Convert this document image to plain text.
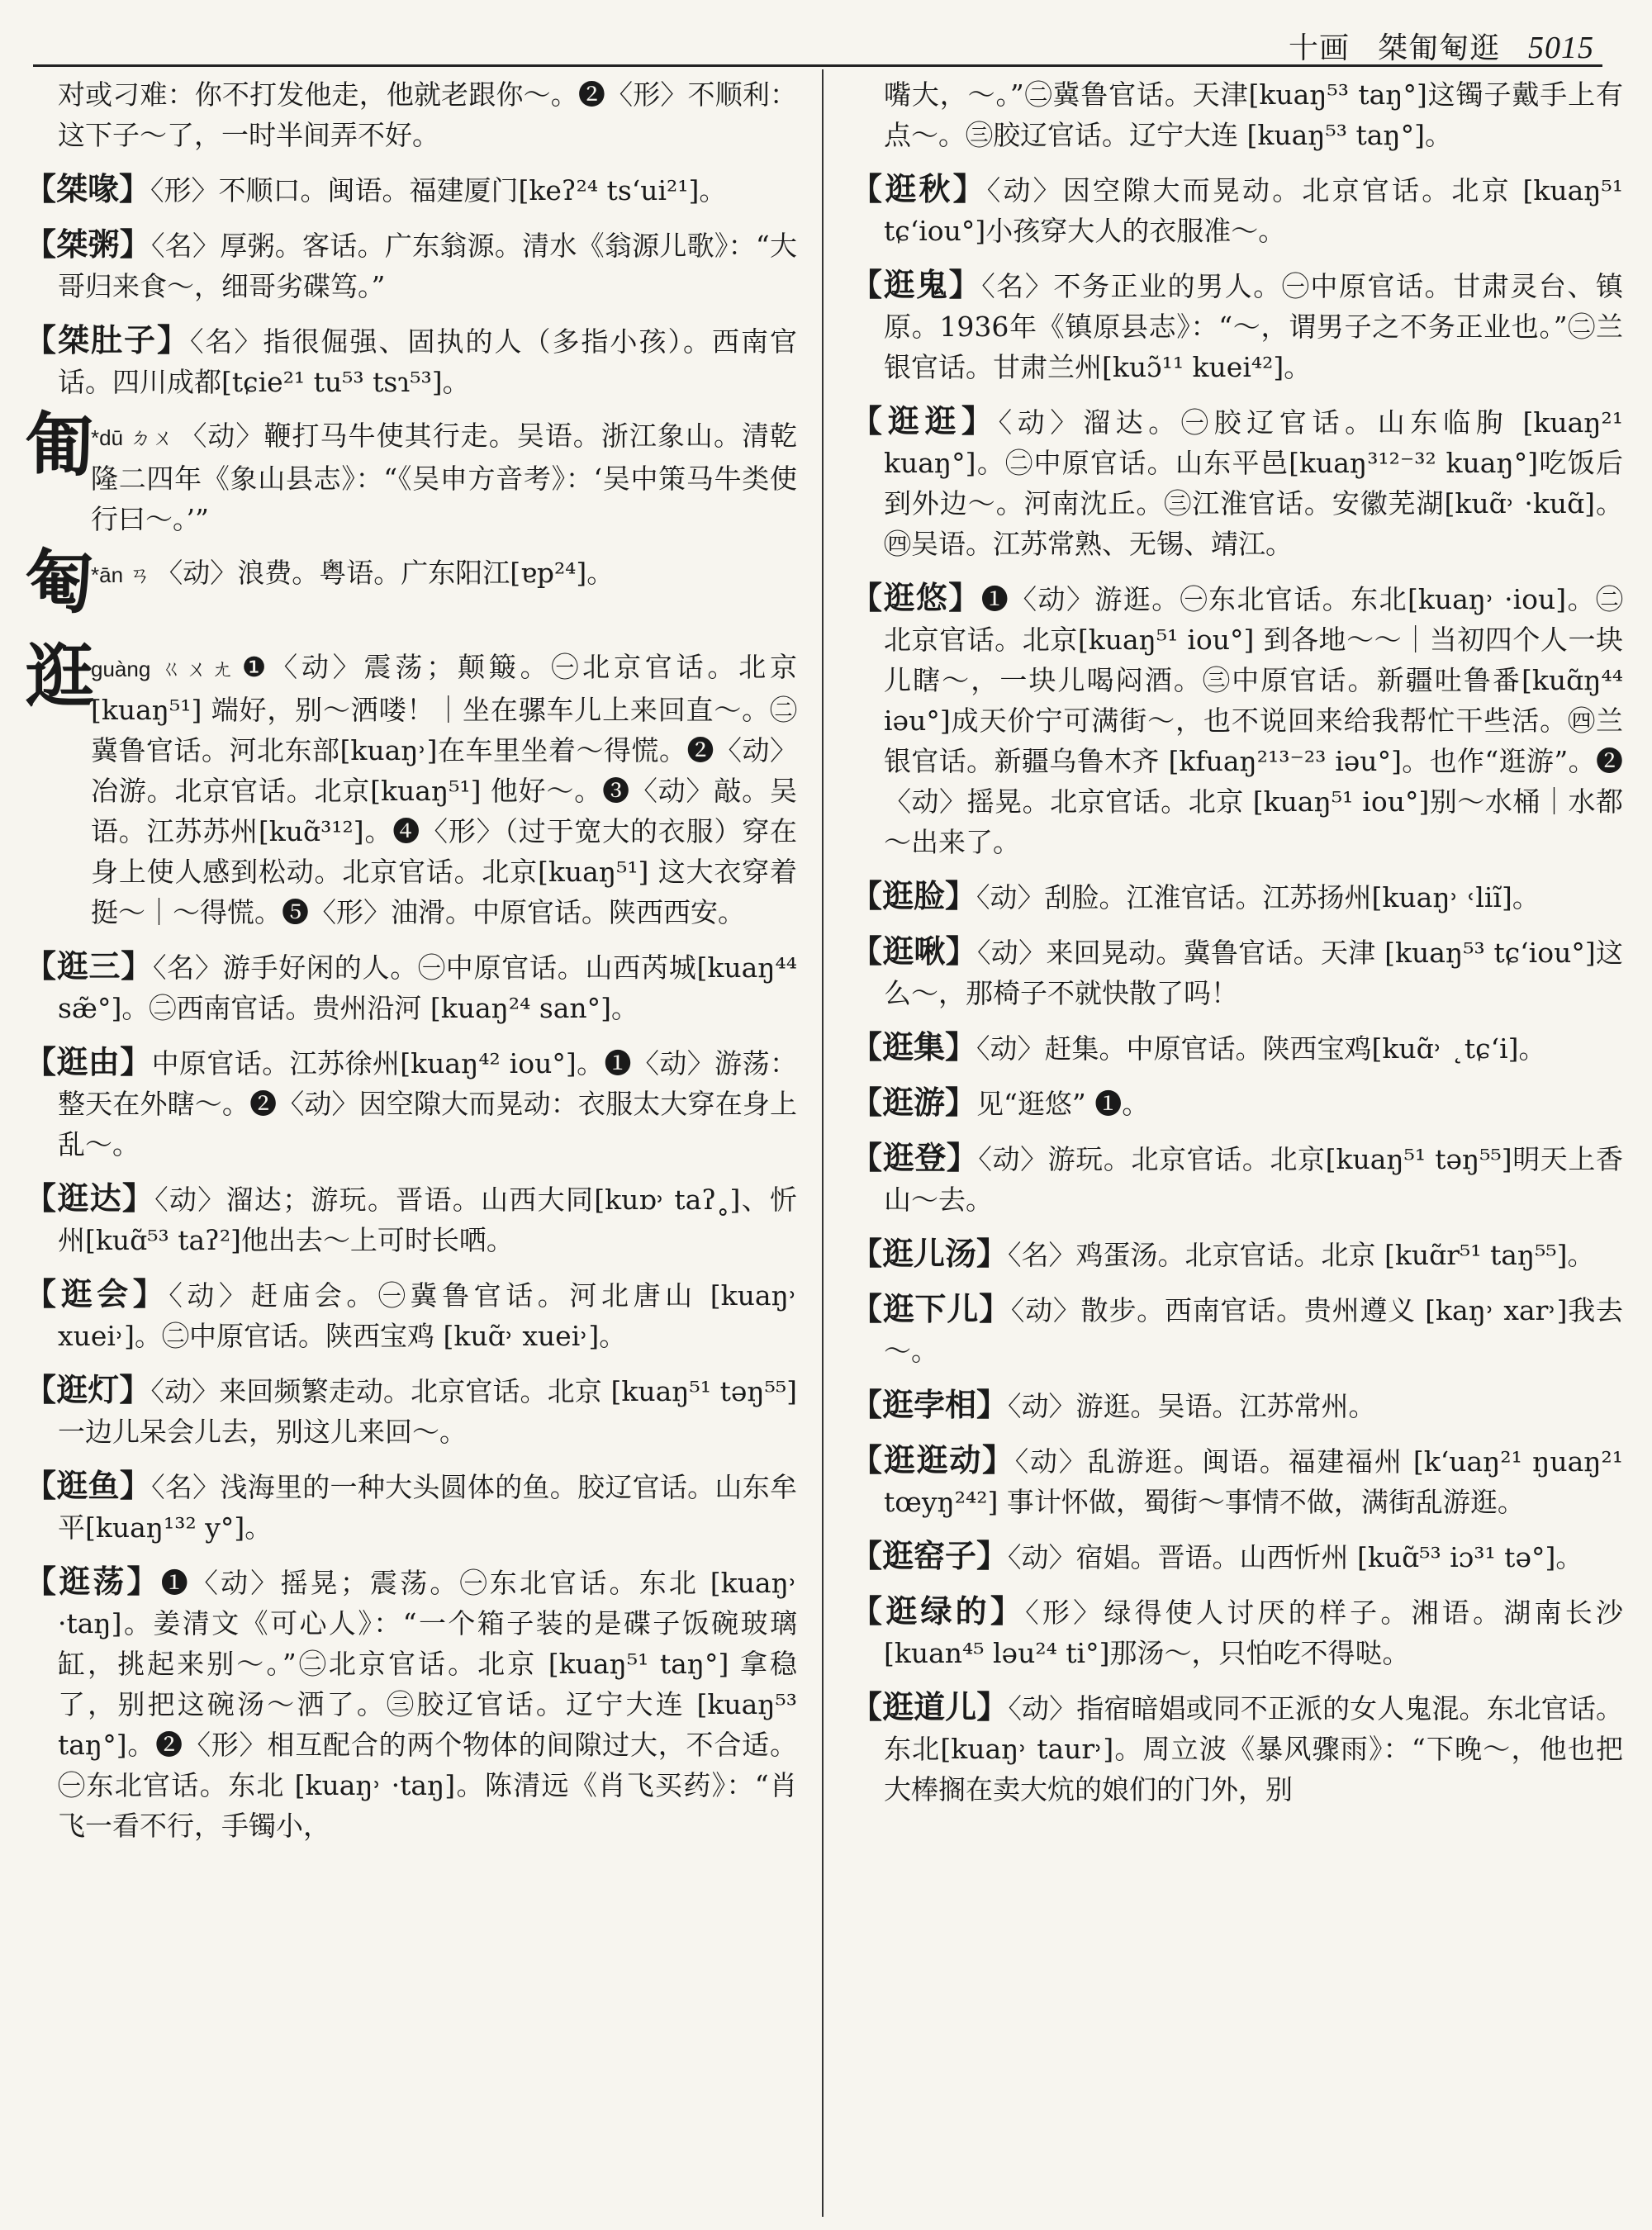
十画 桀匍匎逛 5015

对或刁难：你不打发他走，他就老跟你～。❷〈形〉不顺利：这下子～了，一时半间弄不好。

【桀喙】〈形〉不顺口。闽语。福建厦门[keʔ²⁴ tsʻui²¹]。

【桀粥】〈名〉厚粥。客话。广东翁源。清水《翁源儿歌》：“大哥归来食～，细哥劣碟笃。”

【桀肚子】〈名〉指很倔强、固执的人（多指小孩）。西南官话。四川成都[tɕie²¹ tu⁵³ tsɿ⁵³]。

匍
*dū ㄉㄨ 〈动〉鞭打马牛使其行走。吴语。浙江象山。清乾隆二四年《象山县志》：“《吴申方音考》：‘吴中策马牛类使行曰～。’”
匎
*ān ㄢ 〈动〉浪费。粤语。广东阳江[ɐp²⁴]。
逛
guàng ㄍㄨㄤ ❶〈动〉震荡；颠簸。㊀北京官话。北京[kuaŋ⁵¹] 端好，别～洒喽！｜坐在骡车儿上来回直～。㊁冀鲁官话。河北东部[kuaŋ˒]在车里坐着～得慌。❷〈动〉冶游。北京官话。北京[kuaŋ⁵¹] 他好～。❸〈动〉敲。吴语。江苏苏州[kuɑ̃³¹²]。❹〈形〉（过于宽大的衣服）穿在身上使人感到松动。北京官话。北京[kuaŋ⁵¹] 这大衣穿着挺～｜～得慌。❺〈形〉油滑。中原官话。陕西西安。

【逛三】〈名〉游手好闲的人。㊀中原官话。山西芮城[kuaŋ⁴⁴ sæ̃°]。㊁西南官话。贵州沿河 [kuaŋ²⁴ san°]。

【逛由】中原官话。江苏徐州[kuaŋ⁴² iou°]。❶〈动〉游荡：整天在外瞎～。❷〈动〉因空隙大而晃动：衣服太大穿在身上乱～。

【逛达】〈动〉溜达；游玩。晋语。山西大同[kuɒ˒ taʔ˳]、忻州[kuɑ̃⁵³ taʔ²]他出去～上可时长哂。

【逛会】〈动〉赶庙会。㊀冀鲁官话。河北唐山 [kuaŋ˒ xuei˒]。㊁中原官话。陕西宝鸡 [kuɑ̃˒ xuei˒]。

【逛灯】〈动〉来回频繁走动。北京官话。北京 [kuaŋ⁵¹ təŋ⁵⁵] 一边儿呆会儿去，别这儿来回～。

【逛鱼】〈名〉浅海里的一种大头圆体的鱼。胶辽官话。山东牟平[kuaŋ¹³² y°]。

【逛荡】❶〈动〉摇晃；震荡。㊀东北官话。东北 [kuaŋ˒ ·taŋ]。姜清文《可心人》：“一个箱子装的是碟子饭碗玻璃缸，挑起来别～。”㊁北京官话。北京 [kuaŋ⁵¹ taŋ°] 拿稳了，别把这碗汤～洒了。㊂胶辽官话。辽宁大连 [kuaŋ⁵³ taŋ°]。❷〈形〉相互配合的两个物体的间隙过大，不合适。㊀东北官话。东北 [kuaŋ˒ ·taŋ]。陈清远《肖飞买药》：“肖飞一看不行，手镯小，

嘴大，～。”㊁冀鲁官话。天津[kuaŋ⁵³ taŋ°]这镯子戴手上有点～。㊂胶辽官话。辽宁大连 [kuaŋ⁵³ taŋ°]。

【逛秋】〈动〉因空隙大而晃动。北京官话。北京 [kuaŋ⁵¹ tɕʻiou°]小孩穿大人的衣服准～。

【逛鬼】〈名〉不务正业的男人。㊀中原官话。甘肃灵台、镇原。1936年《镇原县志》：“～，谓男子之不务正业也。”㊁兰银官话。甘肃兰州[kuɔ̃¹¹ kuei⁴²]。

【逛逛】〈动〉溜达。㊀胶辽官话。山东临朐 [kuaŋ²¹ kuaŋ°]。㊁中原官话。山东平邑[kuaŋ³¹²⁻³² kuaŋ°]吃饭后到外边～。河南沈丘。㊂江淮官话。安徽芜湖[kuɑ̃˒ ·kuɑ̃]。㊃吴语。江苏常熟、无锡、靖江。

【逛悠】❶〈动〉游逛。㊀东北官话。东北[kuaŋ˒ ·iou]。㊁北京官话。北京[kuaŋ⁵¹ iou°] 到各地～～｜当初四个人一块儿瞎～，一块儿喝闷酒。㊂中原官话。新疆吐鲁番[kuɑ̃ŋ⁴⁴ iəu°]成天价宁可满街～，也不说回来给我帮忙干些活。㊃兰银官话。新疆乌鲁木齐 [kfuaŋ²¹³⁻²³ iəu°]。也作“逛游”。❷〈动〉摇晃。北京官话。北京 [kuaŋ⁵¹ iou°]别～水桶｜水都～出来了。

【逛脸】〈动〉刮脸。江淮官话。江苏扬州[kuaŋ˒ ˓liĩ]。

【逛啾】〈动〉来回晃动。冀鲁官话。天津 [kuaŋ⁵³ tɕʻiou°]这么～，那椅子不就快散了吗！

【逛集】〈动〉赶集。中原官话。陕西宝鸡[kuɑ̃˒ ˛tɕʻi]。

【逛游】见“逛悠” ❶。

【逛登】〈动〉游玩。北京官话。北京[kuaŋ⁵¹ təŋ⁵⁵]明天上香山～去。

【逛儿汤】〈名〉鸡蛋汤。北京官话。北京 [kuɑ̃r⁵¹ taŋ⁵⁵]。

【逛下儿】〈动〉散步。西南官话。贵州遵义 [kaŋ˒ xar˒]我去～。

【逛孛相】〈动〉游逛。吴语。江苏常州。

【逛逛动】〈动〉乱游逛。闽语。福建福州 [kʻuaŋ²¹ ŋuaŋ²¹ tœyŋ²⁴²] 事计怀做，蜀街～事情不做，满街乱游逛。

【逛窑子】〈动〉宿娼。晋语。山西忻州 [kuɑ̃⁵³ iɔ³¹ tə°]。

【逛绿的】〈形〉绿得使人讨厌的样子。湘语。湖南长沙[kuan⁴⁵ ləu²⁴ ti°]那汤～，只怕吃不得哒。

【逛道儿】〈动〉指宿暗娼或同不正派的女人鬼混。东北官话。东北[kuaŋ˒ taur˒]。周立波《暴风骤雨》：“下晚～，他也把大棒搁在卖大炕的娘们的门外，别
